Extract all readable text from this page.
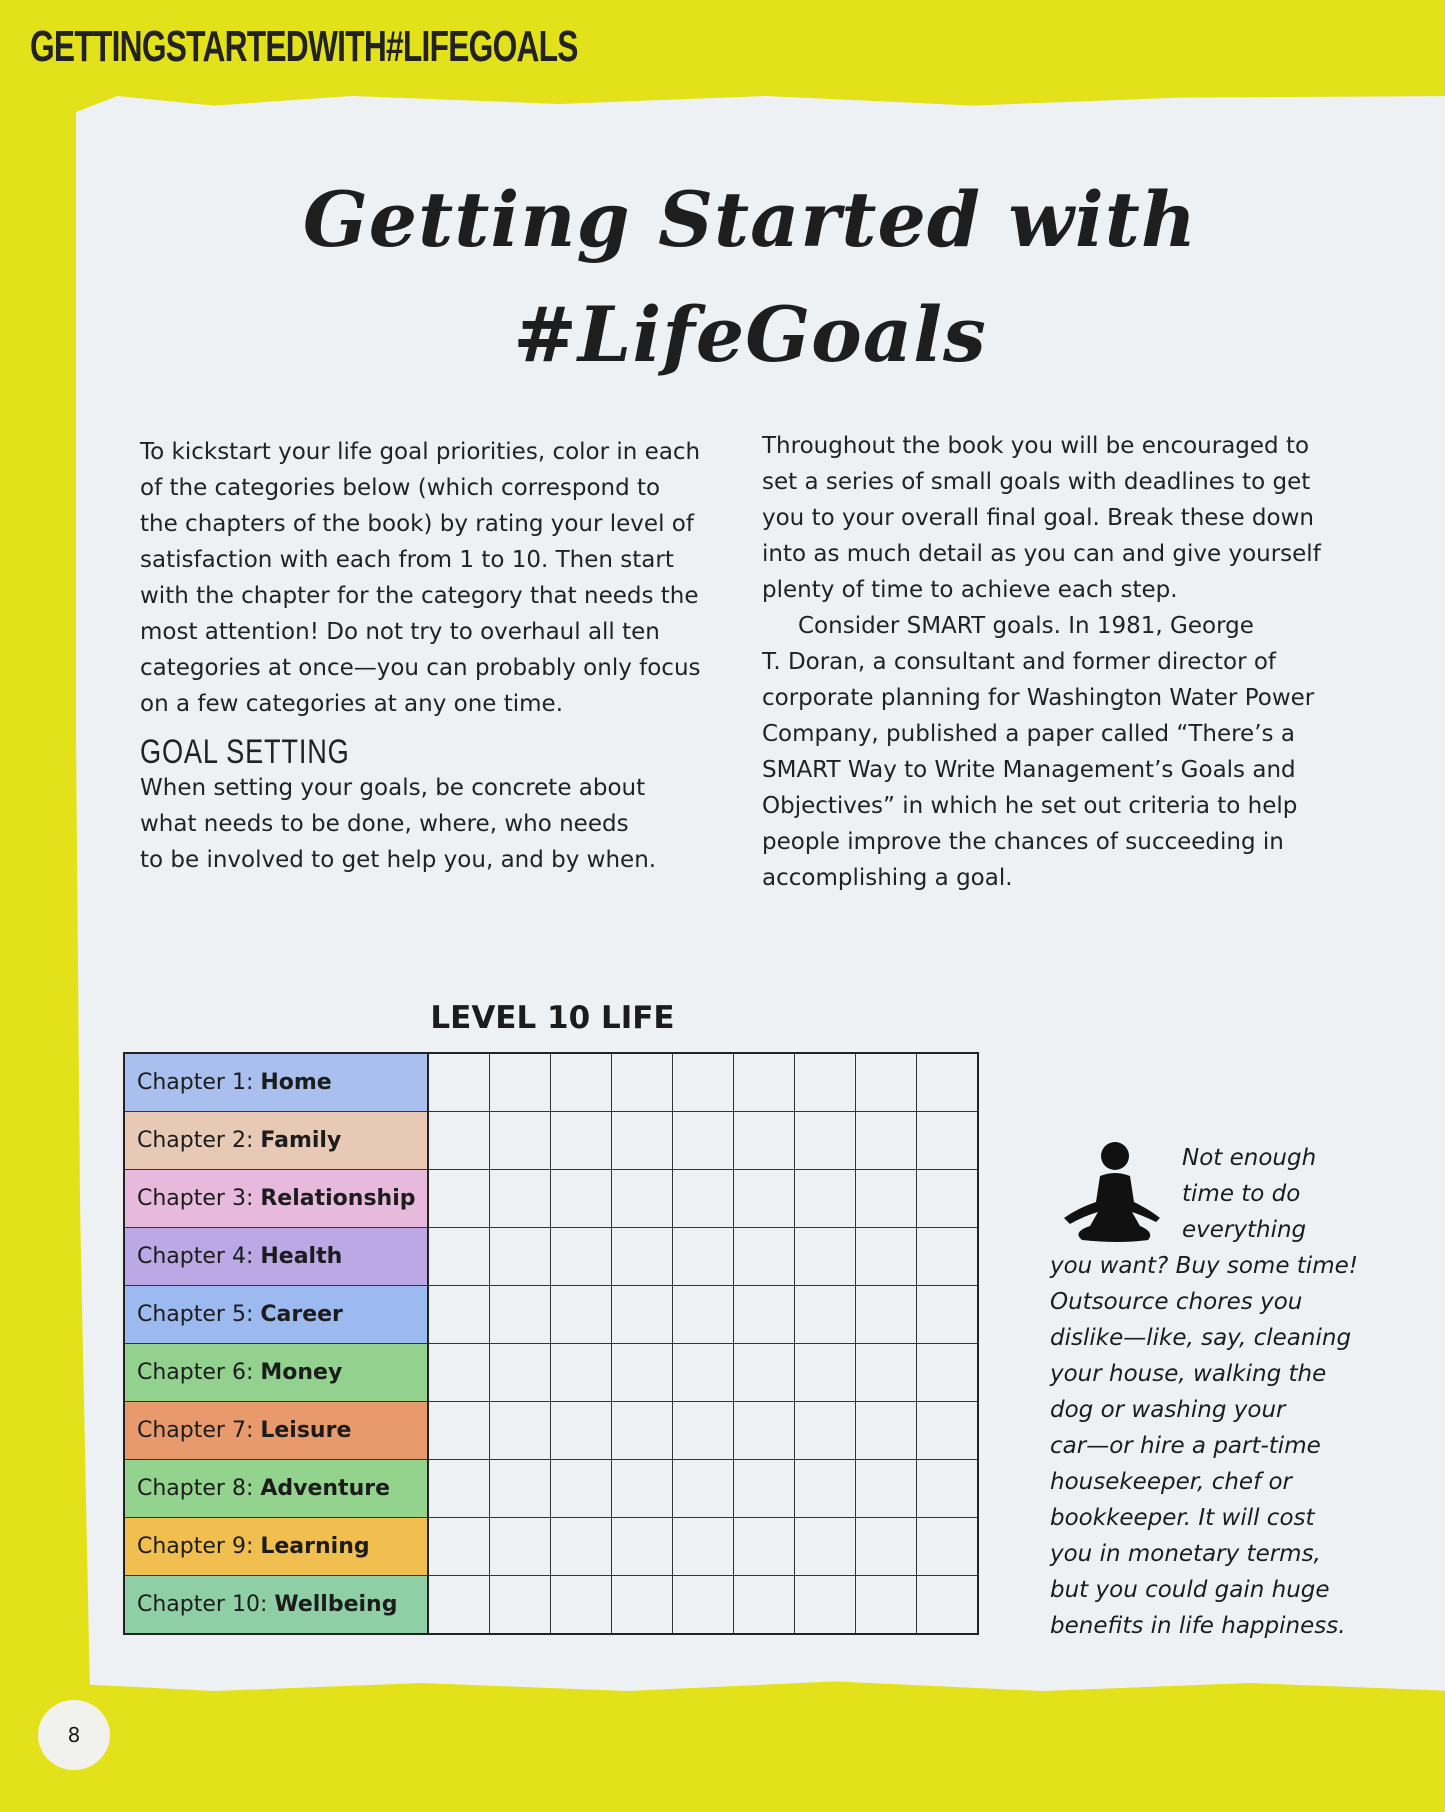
GETTINGSTARTEDWITH#LIFEGOALS
Getting Started with
#LifeGoals
To kickstart your life goal priorities, color in each
of the categories below (which correspond to
the chapters of the book) by rating your level of
satisfaction with each from 1 to 10. Then start
with the chapter for the category that needs the
most attention! Do not try to overhaul all ten
categories at once—you can probably only focus
on a few categories at any one time.
GOAL SETTING
When setting your goals, be concrete about
what needs to be done, where, who needs
to be involved to get help you, and by when.
Throughout the book you will be encouraged to
set a series of small goals with deadlines to get
you to your overall final goal. Break these down
into as much detail as you can and give yourself
plenty of time to achieve each step.
Consider SMART goals. In 1981, George
T. Doran, a consultant and former director of
corporate planning for Washington Water Power
Company, published a paper called “There’s a
SMART Way to Write Management’s Goals and
Objectives” in which he set out criteria to help
people improve the chances of succeeding in
accomplishing a goal.
LEVEL 10 LIFE
Chapter 1: Home									
Chapter 2: Family									
Chapter 3: Relationship									
Chapter 4: Health									
Chapter 5: Career									
Chapter 6: Money									
Chapter 7: Leisure									
Chapter 8: Adventure									
Chapter 9: Learning									
Chapter 10: Wellbeing									
Not enough
time to do
everything
you want? Buy some time!
Outsource chores you
dislike—like, say, cleaning
your house, walking the
dog or washing your
car—or hire a part-time
housekeeper, chef or
bookkeeper. It will cost
you in monetary terms,
but you could gain huge
benefits in life happiness.
8
